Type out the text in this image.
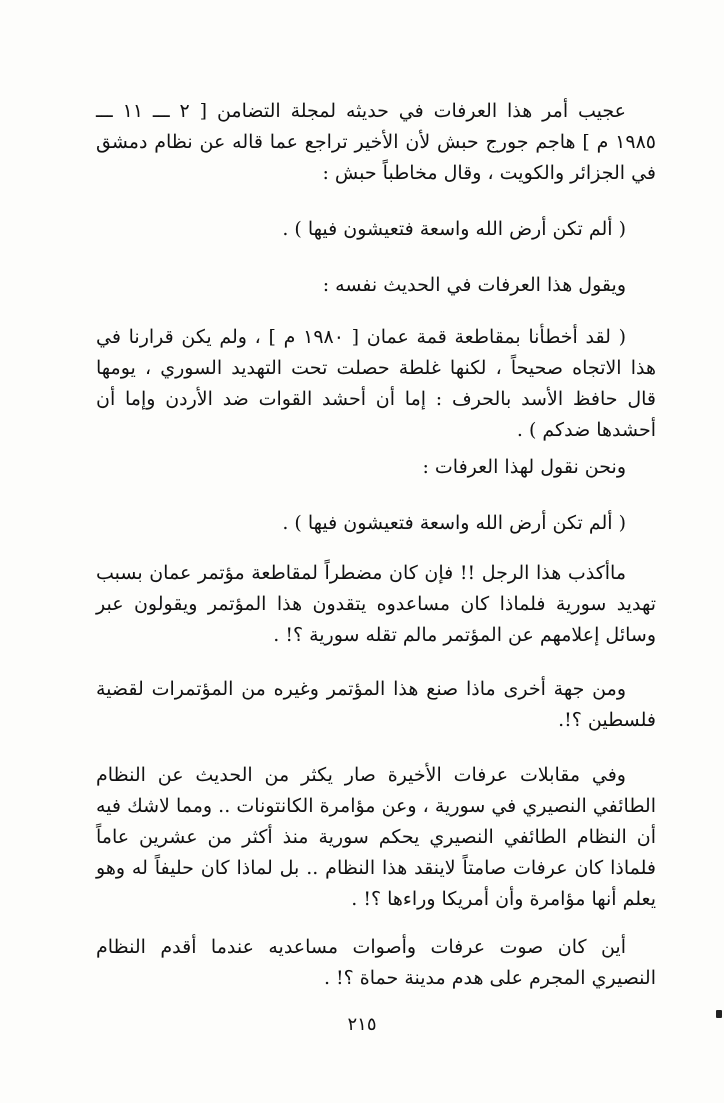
عجيب أمر هذا العرفات في حديثه لمجلة التضامن [ ٢ ـــ ١١ ـــ ١٩٨٥ م ] هاجم جورج حبش لأن الأخير تراجع عما قاله عن نظام دمشق في الجزائر والكويت ، وقال مخاطباً حبش :

( ألم تكن أرض الله واسعة فتعيشون فيها ) .

ويقول هذا العرفات في الحديث نفسه :

( لقد أخطأنا بمقاطعة قمة عمان [ ١٩٨٠ م ] ، ولم يكن قرارنا في هذا الاتجاه صحيحاً ، لكنها غلطة حصلت تحت التهديد السوري ، يومها قال حافظ الأسد بالحرف : إما أن أحشد القوات ضد الأردن وإما أن أحشدها ضدكم ) .

ونحن نقول لهذا العرفات :

( ألم تكن أرض الله واسعة فتعيشون فيها ) .

ماأكذب هذا الرجل !! فإن كان مضطراً لمقاطعة مؤتمر عمان بسبب تهديد سورية فلماذا كان مساعدوه يتقدون هذا المؤتمر ويقولون عبر وسائل إعلامهم عن المؤتمر مالم تقله سورية ؟! .

ومن جهة أخرى ماذا صنع هذا المؤتمر وغيره من المؤتمرات لقضية فلسطين ؟!.

وفي مقابلات عرفات الأخيرة صار يكثر من الحديث عن النظام الطائفي النصيري في سورية ، وعن مؤامرة الكانتونات .. ومما لاشك فيه أن النظام الطائفي النصيري يحكم سورية منذ أكثر من عشرين عاماً فلماذا كان عرفات صامتاً لاينقد هذا النظام .. بل لماذا كان حليفاً له وهو يعلم أنها مؤامرة وأن أمريكا وراءها ؟! .

أين كان صوت عرفات وأصوات مساعديه عندما أقدم النظام النصيري المجرم على هدم مدينة حماة ؟! .

٢١٥
